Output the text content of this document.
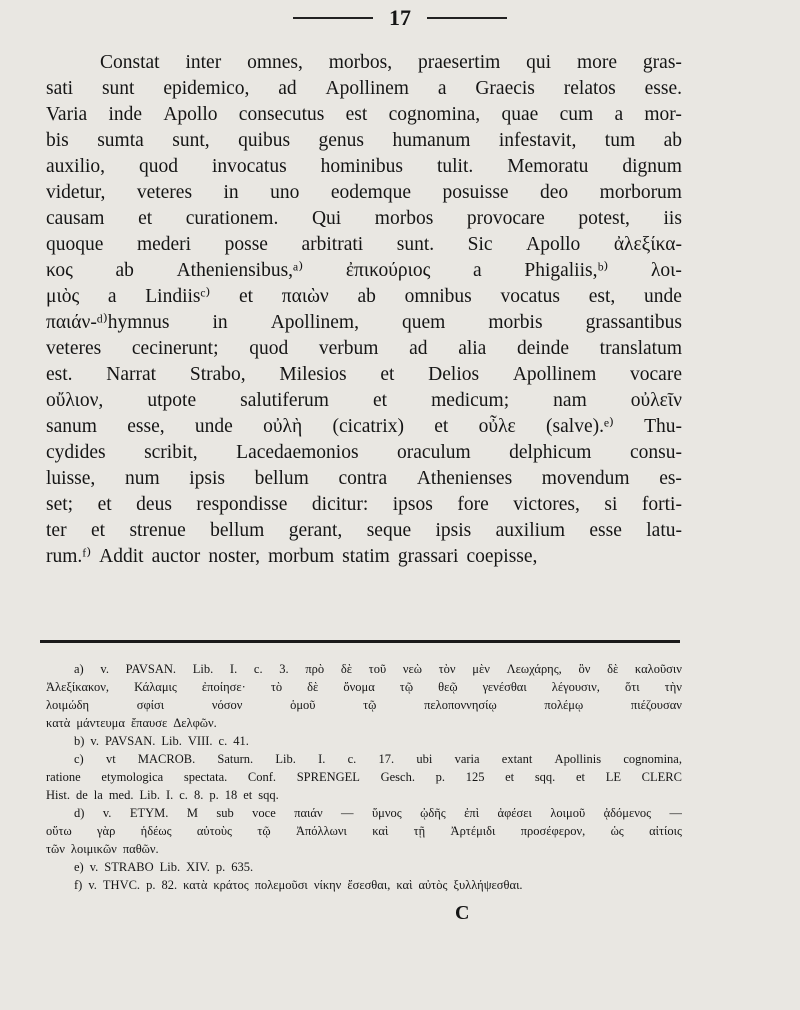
17
Constat inter omnes, morbos, praesertim qui more gras-
sati sunt epidemico, ad Apollinem a Graecis relatos esse.
Varia inde Apollo consecutus est cognomina, quae cum a mor-
bis sumta sunt, quibus genus humanum infestavit, tum ab
auxilio, quod invocatus hominibus tulit. Memoratu dignum
videtur, veteres in uno eodemque posuisse deo morborum
causam et curationem. Qui morbos provocare potest, iis
quoque mederi posse arbitrati sunt. Sic Apollo ἀλεξίκα-
κος ab Atheniensibus,ᵃ⁾ ἐπικούριος a Phigaliis,ᵇ⁾ λοι-
μιὸς a Lindiisᶜ⁾ et παιὼν ab omnibus vocatus est, unde
παιάν-ᵈ⁾hymnus in Apollinem, quem morbis grassantibus
veteres cecinerunt; quod verbum ad alia deinde translatum
est. Narrat Strabo, Milesios et Delios Apollinem vocare
οὔλιον, utpote salutiferum et medicum; nam οὐλεῖν
sanum esse, unde οὐλὴ (cicatrix) et οὖλε (salve).ᵉ⁾ Thu-
cydides scribit, Lacedaemonios oraculum delphicum consu-
luisse, num ipsis bellum contra Athenienses movendum es-
set; et deus respondisse dicitur: ipsos fore victores, si forti-
ter et strenue bellum gerant, seque ipsis auxilium esse latu-
rum.ᶠ⁾ Addit auctor noster, morbum statim grassari coepisse,
a) v. PAVSAN. Lib. I. c. 3. πρὸ δὲ τοῦ νεὼ τὸν μὲν Λεωχάρης, ὃν δὲ καλοῦσιν
Ἀλεξίκακον, Κάλαμις ἐποίησε· τὸ δὲ ὄνομα τῷ θεῷ γενέσθαι λέγουσιν, ὅτι τὴν
λοιμώδη	σφίσι	νόσον	ὁμοῦ	τῷ	πελοποννησίῳ	πολέμῳ	πιέζουσαν
κατὰ μάντευμα ἔπαυσε Δελφῶν.
b) v. PAVSAN. Lib. VIII. c. 41.
c) vt MACROB. Saturn. Lib. I. c. 17. ubi varia extant Apollinis cognomina,
ratione etymologica spectata. Conf. SPRENGEL Gesch. p. 125 et sqq. et LE CLERC
Hist. de la med. Lib. I. c. 8. p. 18 et sqq.
d) v. ETYM. M sub voce παιάν — ὕμνος ᾠδῆς ἐπὶ ἀφέσει λοιμοῦ ᾀδόμενος —
οὕτω γὰρ ἡδέως αὐτοὺς τῷ Ἀπόλλωνι καὶ τῇ Ἀρτέμιδι προσέφερον, ὡς αἰτίοις
τῶν λοιμικῶν παθῶν.
e) v. STRABO Lib. XIV. p. 635.
f) v. THVC. p. 82. κατὰ κράτος πολεμοῦσι νίκην ἔσεσθαι, καὶ αὐτὸς ξυλλήψεσθαι.
C
